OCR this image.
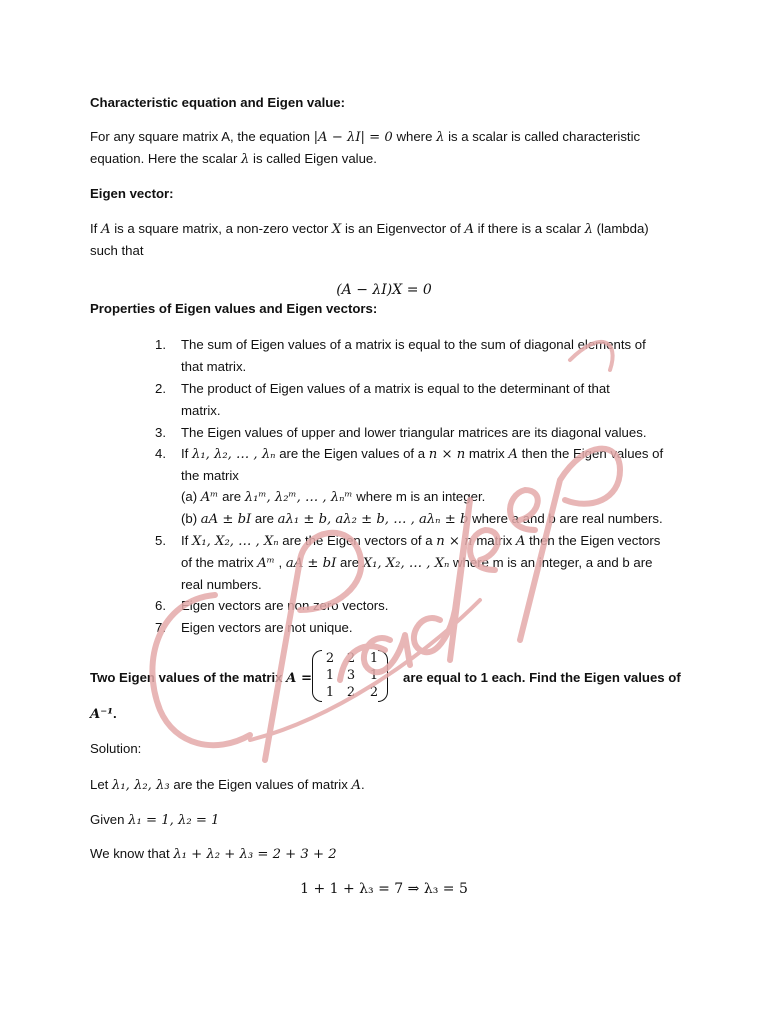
Characteristic equation and Eigen value:
For any square matrix A, the equation |A − λI| = 0 where λ is a scalar is called characteristic
equation. Here the scalar λ is called Eigen value.
Eigen vector:
If A is a square matrix, a non-zero vector X is an Eigenvector of A if there is a scalar λ (lambda)
such that
(A − λI)X = 0
Properties of Eigen values and Eigen vectors:
1. The sum of Eigen values of a matrix is equal to the sum of diagonal elements of
that matrix.
2. The product of Eigen values of a matrix is equal to the determinant of that
matrix.
3. The Eigen values of upper and lower triangular matrices are its diagonal values.
4. If λ₁, λ₂, … , λₙ are the Eigen values of a n × n matrix A then the Eigen values of
the matrix
(a) Aᵐ are λ₁ᵐ, λ₂ᵐ, … , λₙᵐ where m is an integer.
(b) aA ± bI are aλ₁ ± b, aλ₂ ± b, … , aλₙ ± b where a and b are real numbers.
5. If X₁, X₂, … , Xₙ are the Eigen vectors of a n × n matrix A then the Eigen vectors
of the matrix Aᵐ , aA ± bI are X₁, X₂, … , Xₙ where m is an integer, a and b are
real numbers.
6. Eigen vectors are non zero vectors.
7. Eigen vectors are not unique.
Two Eigen values of the matrix A =
2 2	1
1 3	1
1 2	2
are equal to 1 each. Find the Eigen values of
A⁻¹.
Solution:
Let λ₁, λ₂, λ₃ are the Eigen values of matrix A.
Given λ₁ = 1, λ₂ = 1
We know that λ₁ + λ₂ + λ₃ = 2 + 3 + 2
1 + 1 + λ₃ = 7 ⇒ λ₃ = 5
